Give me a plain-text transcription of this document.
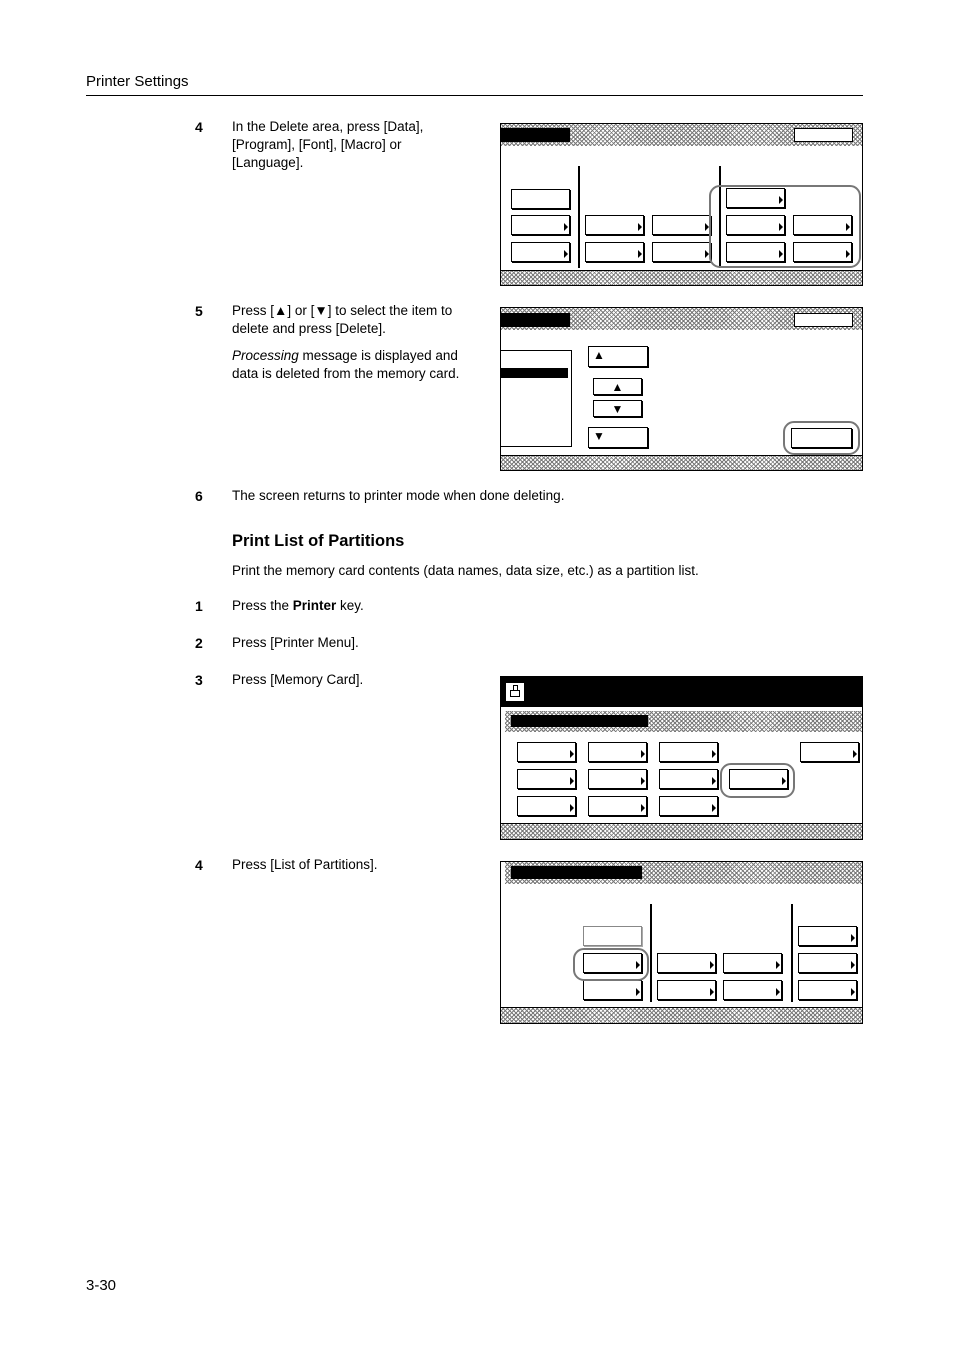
Printer Settings
4 In the Delete area, press [Data], [Program], [Font], [Macro] or [Language].
5 Press [▲] or [▼] to select the item to delete and press [Delete].
Processing message is displayed and data is deleted from the memory card.
▲
▲
▼
▼
6 The screen returns to printer mode when done deleting.
Print List of Partitions
Print the memory card contents (data names, data size, etc.) as a partition list.
1 Press the Printer key.
2 Press [Printer Menu].
3 Press [Memory Card].
4 Press [List of Partitions].
3-30
